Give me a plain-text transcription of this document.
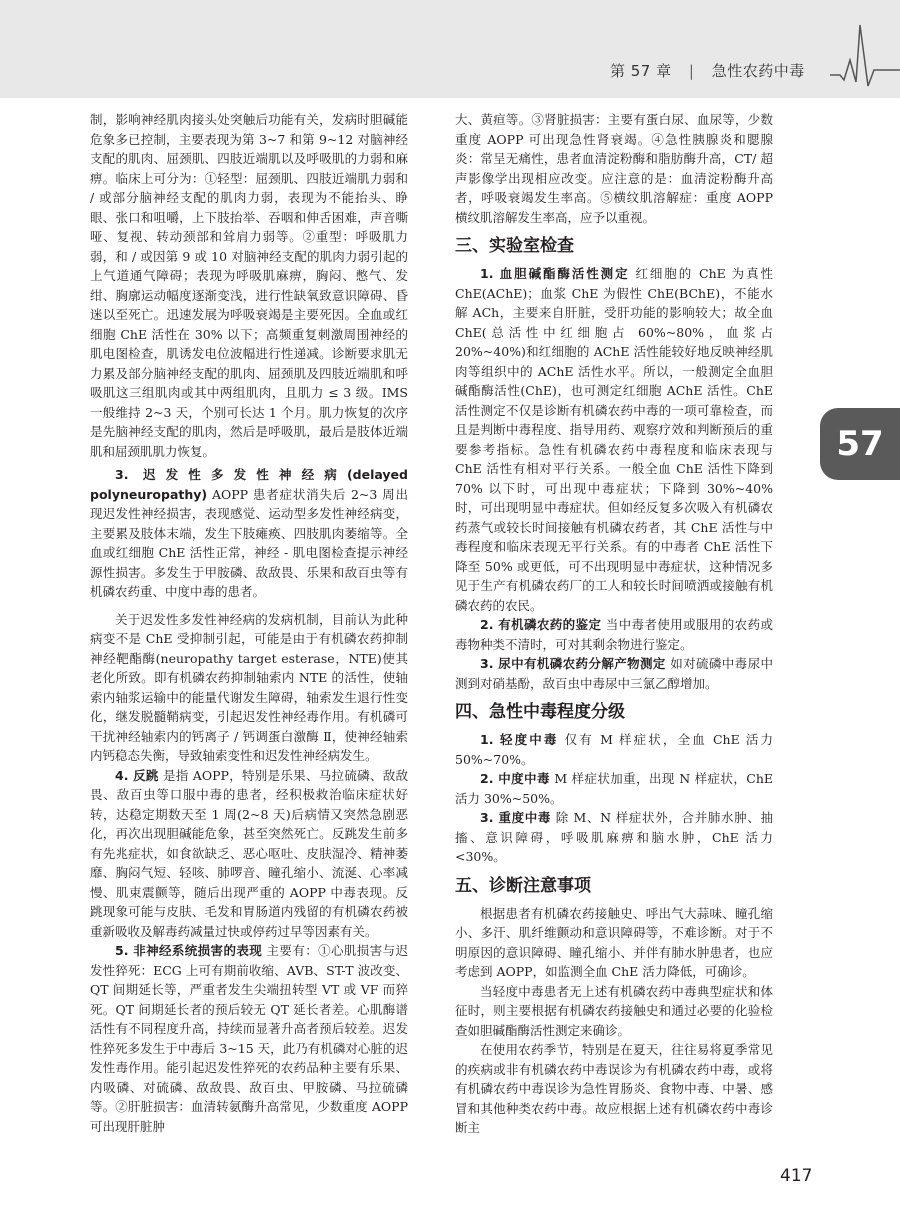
第 57 章 | 急性农药中毒
57

制，影响神经肌肉接头处突触后功能有关，发病时胆碱能危象多已控制，主要表现为第 3~7 和第 9~12 对脑神经支配的肌肉、屈颈肌、四肢近端肌以及呼吸肌的力弱和麻痹。临床上可分为：①轻型：屈颈肌、四肢近端肌力弱和 / 或部分脑神经支配的肌肉力弱，表现为不能抬头、睁眼、张口和咀嚼，上下肢抬举、吞咽和伸舌困难，声音嘶哑、复视、转动颈部和耸肩力弱等。②重型：呼吸肌力弱，和 / 或因第 9 或 10 对脑神经支配的肌肉力弱引起的上气道通气障碍；表现为呼吸肌麻痹，胸闷、憋气、发绀、胸廓运动幅度逐渐变浅，进行性缺氧致意识障碍、昏迷以至死亡。迅速发展为呼吸衰竭是主要死因。全血或红细胞 ChE 活性在 30% 以下；高频重复刺激周围神经的肌电图检查，肌诱发电位波幅进行性递减。诊断要求肌无力累及部分脑神经支配的肌肉、屈颈肌及四肢近端肌和呼吸肌这三组肌肉或其中两组肌肉，且肌力 ≤ 3 级。IMS 一般维持 2~3 天，个别可长达 1 个月。肌力恢复的次序是先脑神经支配的肌肉，然后是呼吸肌，最后是肢体近端肌和屈颈肌肌力恢复。

3. 迟发性多发性神经病(delayed polyneuropathy) AOPP 患者症状消失后 2~3 周出现迟发性神经损害，表现感觉、运动型多发性神经病变，主要累及肢体末端，发生下肢瘫痪、四肢肌肉萎缩等。全血或红细胞 ChE 活性正常，神经 - 肌电图检查提示神经源性损害。多发生于甲胺磷、敌敌畏、乐果和敌百虫等有机磷农药重、中度中毒的患者。

关于迟发性多发性神经病的发病机制，目前认为此种病变不是 ChE 受抑制引起，可能是由于有机磷农药抑制神经靶酯酶(neuropathy target esterase，NTE)使其老化所致。即有机磷农药抑制轴索内 NTE 的活性，使轴索内轴浆运输中的能量代谢发生障碍，轴索发生退行性变化，继发脱髓鞘病变，引起迟发性神经毒作用。有机磷可干扰神经轴索内的钙离子 / 钙调蛋白激酶 Ⅱ，使神经轴索内钙稳态失衡，导致轴索变性和迟发性神经病发生。

4. 反跳 是指 AOPP，特别是乐果、马拉硫磷、敌敌畏、敌百虫等口服中毒的患者，经积极救治临床症状好转，达稳定期数天至 1 周(2~8 天)后病情又突然急剧恶化，再次出现胆碱能危象，甚至突然死亡。反跳发生前多有先兆症状，如食欲缺乏、恶心呕吐、皮肤湿冷、精神萎靡、胸闷气短、轻咳、肺啰音、瞳孔缩小、流涎、心率减慢、肌束震颤等，随后出现严重的 AOPP 中毒表现。反跳现象可能与皮肤、毛发和胃肠道内残留的有机磷农药被重新吸收及解毒药减量过快或停药过早等因素有关。

5. 非神经系统损害的表现 主要有：①心肌损害与迟发性猝死：ECG 上可有期前收缩、AVB、ST-T 波改变、QT 间期延长等，严重者发生尖端扭转型 VT 或 VF 而猝死。QT 间期延长者的预后较无 QT 延长者差。心肌酶谱活性有不同程度升高，持续而显著升高者预后较差。迟发性猝死多发生于中毒后 3~15 天，此乃有机磷对心脏的迟发性毒作用。能引起迟发性猝死的农药品种主要有乐果、内吸磷、对硫磷、敌敌畏、敌百虫、甲胺磷、马拉硫磷等。②肝脏损害：血清转氨酶升高常见，少数重度 AOPP 可出现肝脏肿

大、黄疸等。③肾脏损害：主要有蛋白尿、血尿等，少数重度 AOPP 可出现急性肾衰竭。④急性胰腺炎和腮腺炎：常呈无痛性，患者血清淀粉酶和脂肪酶升高，CT/ 超声影像学出现相应改变。应注意的是：血清淀粉酶升高者，呼吸衰竭发生率高。⑤横纹肌溶解症：重度 AOPP 横纹肌溶解发生率高，应予以重视。

三、实验室检查

1. 血胆碱酯酶活性测定 红细胞的 ChE 为真性 ChE(AChE)；血浆 ChE 为假性 ChE(BChE)，不能水解 ACh，主要来自肝脏，受肝功能的影响较大；故全血 ChE(总活性中红细胞占 60%~80%，血浆占 20%~40%)和红细胞的 AChE 活性能较好地反映神经肌肉等组织中的 AChE 活性水平。所以，一般测定全血胆碱酯酶活性(ChE)，也可测定红细胞 AChE 活性。ChE 活性测定不仅是诊断有机磷农药中毒的一项可靠检查，而且是判断中毒程度、指导用药、观察疗效和判断预后的重要参考指标。急性有机磷农药中毒程度和临床表现与 ChE 活性有相对平行关系。一般全血 ChE 活性下降到 70% 以下时，可出现中毒症状；下降到 30%~40% 时，可出现明显中毒症状。但如经反复多次吸入有机磷农药蒸气或较长时间接触有机磷农药者，其 ChE 活性与中毒程度和临床表现无平行关系。有的中毒者 ChE 活性下降至 50% 或更低，可不出现明显中毒症状，这种情况多见于生产有机磷农药厂的工人和较长时间喷洒或接触有机磷农药的农民。

2. 有机磷农药的鉴定 当中毒者使用或服用的农药或毒物种类不清时，可对其剩余物进行鉴定。

3. 尿中有机磷农药分解产物测定 如对硫磷中毒尿中测到对硝基酚，敌百虫中毒尿中三氯乙醇增加。

四、急性中毒程度分级

1. 轻度中毒 仅有 M 样症状，全血 ChE 活力 50%~70%。

2. 中度中毒 M 样症状加重，出现 N 样症状，ChE 活力 30%~50%。

3. 重度中毒 除 M、N 样症状外，合并肺水肿、抽搐、意识障碍，呼吸肌麻痹和脑水肿，ChE 活力<30%。

五、诊断注意事项

根据患者有机磷农药接触史、呼出气大蒜味、瞳孔缩小、多汗、肌纤维颤动和意识障碍等，不难诊断。对于不明原因的意识障碍、瞳孔缩小、并伴有肺水肿患者，也应考虑到 AOPP，如监测全血 ChE 活力降低，可确诊。

当轻度中毒患者无上述有机磷农药中毒典型症状和体征时，则主要根据有机磷农药接触史和通过必要的化验检查如胆碱酯酶活性测定来确诊。

在使用农药季节，特别是在夏天，往往易将夏季常见的疾病或非有机磷农药中毒误诊为有机磷农药中毒，或将有机磷农药中毒误诊为急性胃肠炎、食物中毒、中暑、感冒和其他种类农药中毒。故应根据上述有机磷农药中毒诊断主

417
